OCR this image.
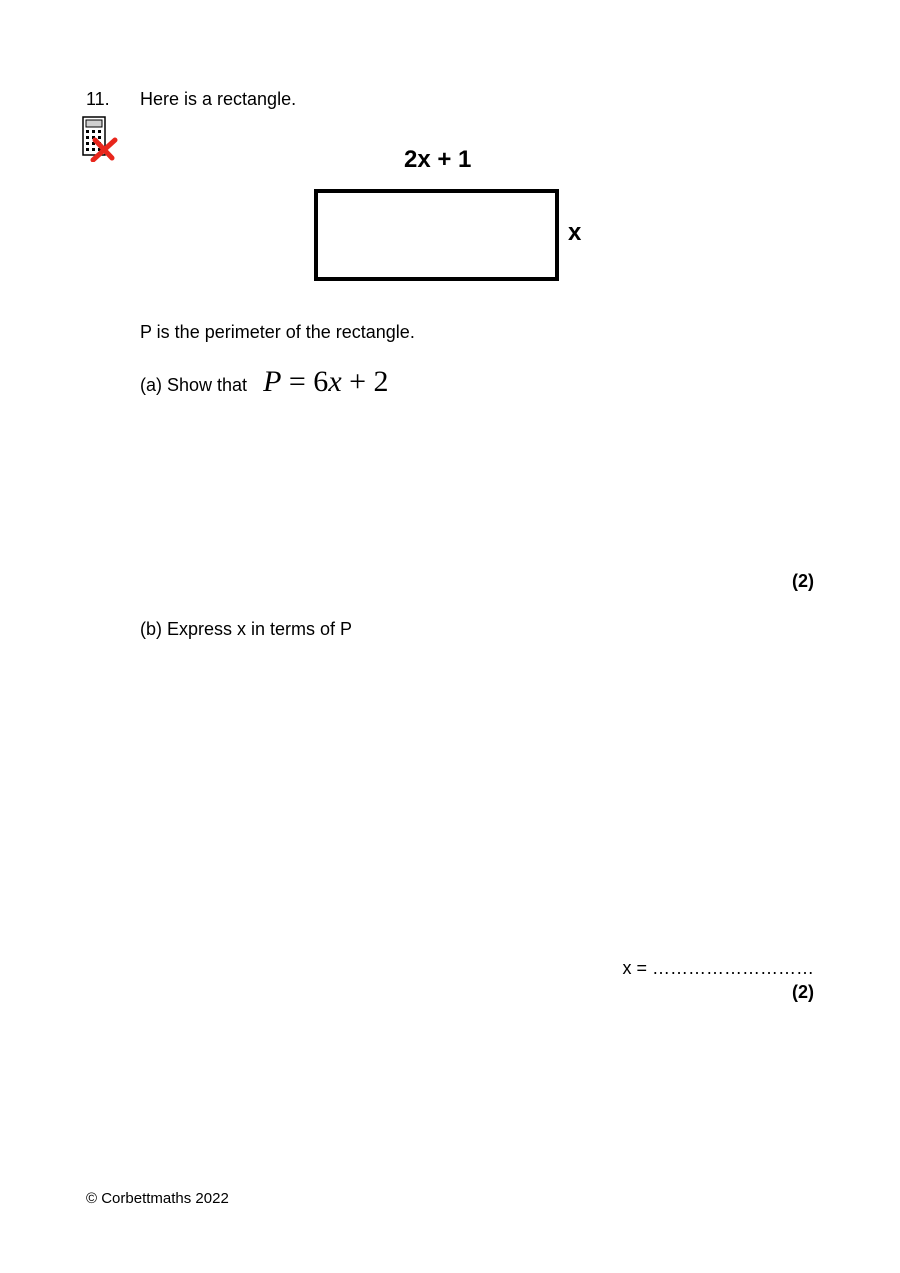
11. Here is a rectangle.
2x + 1
x
P is the perimeter of the rectangle.
(a) Show that P = 6x + 2
(2)
(b) Express x in terms of P
x = ………………………
(2)
© Corbettmaths 2022
